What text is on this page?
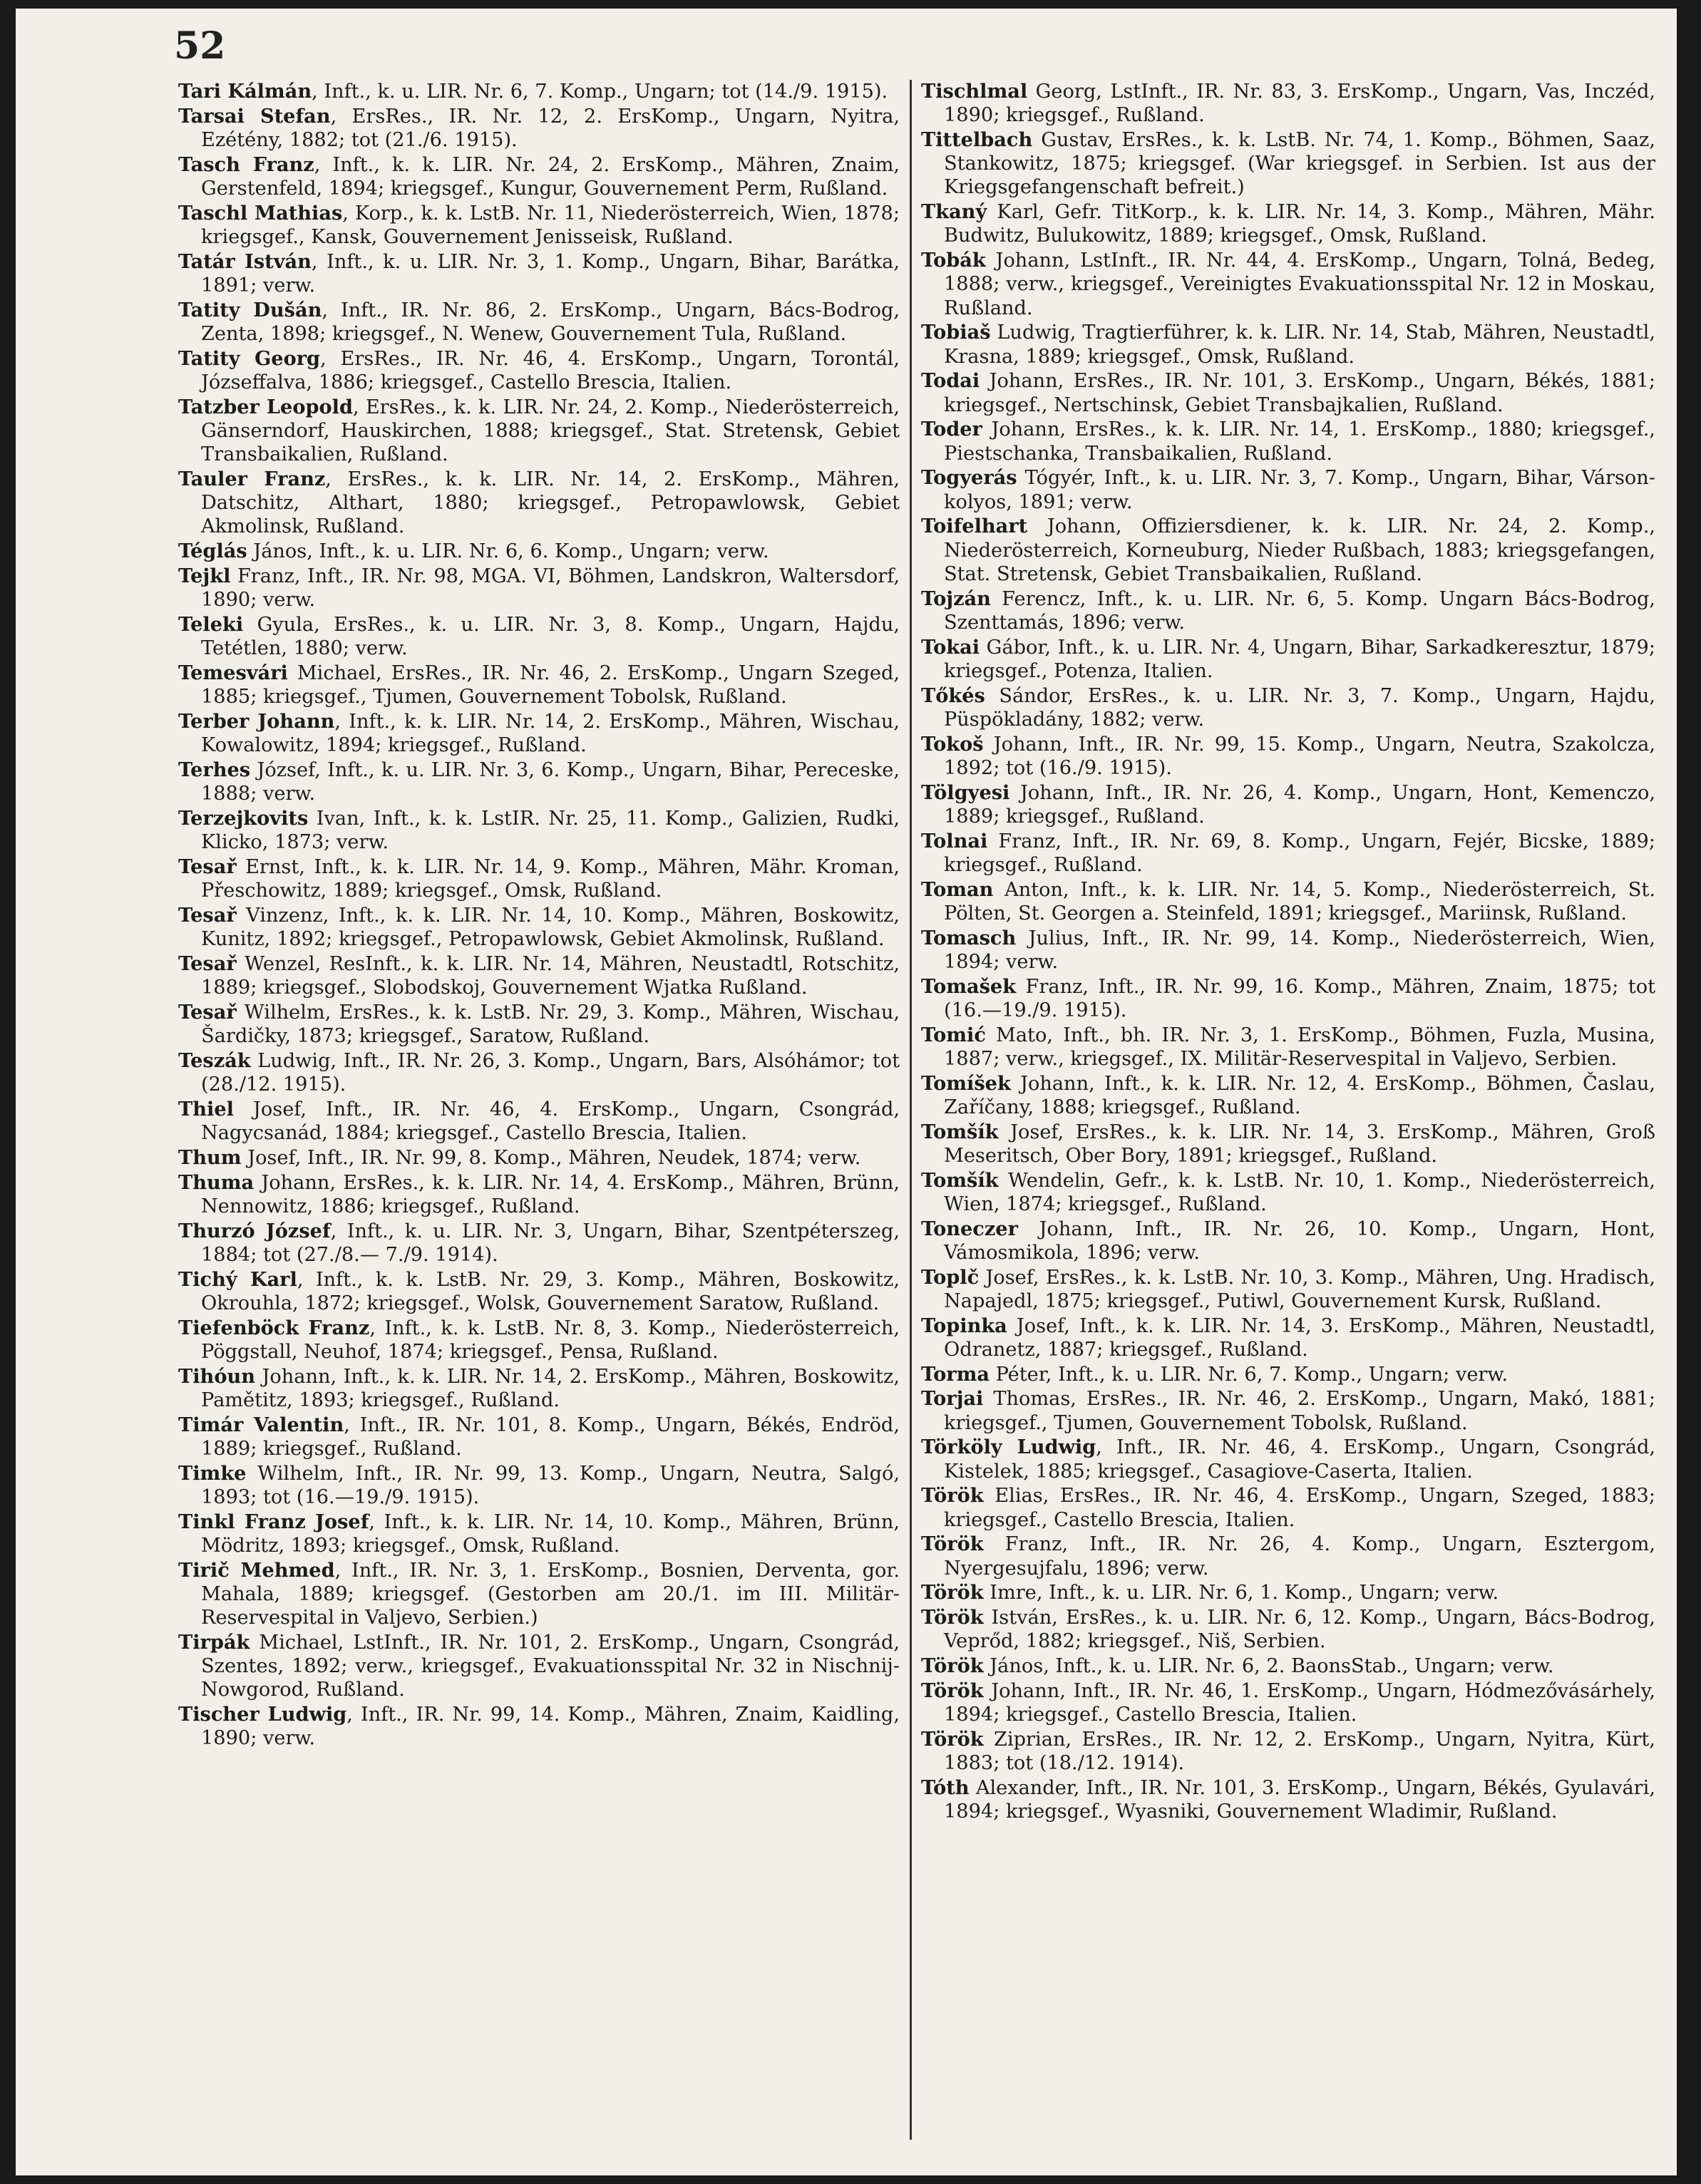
52

Tari Kálmán, Inft., k. u. LIR. Nr. 6, 7. Komp., Ungarn; tot (14./9. 1915).

Tarsai Stefan, ErsRes., IR. Nr. 12, 2. ErsKomp., Ungarn, Nyitra, Ezétény, 1882; tot (21./6. 1915).

Tasch Franz, Inft., k. k. LIR. Nr. 24, 2. ErsKomp., Mähren, Znaim, Gerstenfeld, 1894; kriegsgef., Kungur, Gouvernement Perm, Rußland.

Taschl Mathias, Korp., k. k. LstB. Nr. 11, Niederösterreich, Wien, 1878; kriegsgef., Kansk, Gouvernement Jenisseisk, Rußland.

Tatár István, Inft., k. u. LIR. Nr. 3, 1. Komp., Ungarn, Bihar, Barátka, 1891; verw.

Tatity Dušán, Inft., IR. Nr. 86, 2. ErsKomp., Ungarn, Bács-Bodrog, Zenta, 1898; kriegsgef., N. Wenew, Gouvernement Tula, Rußland.

Tatity Georg, ErsRes., IR. Nr. 46, 4. ErsKomp., Ungarn, Torontál, Józseffalva, 1886; kriegsgef., Castello Brescia, Italien.

Tatzber Leopold, ErsRes., k. k. LIR. Nr. 24, 2. Komp., Niederösterreich, Gänserndorf, Hauskirchen, 1888; kriegsgef., Stat. Stretensk, Gebiet Transbaikalien, Rußland.

Tauler Franz, ErsRes., k. k. LIR. Nr. 14, 2. ErsKomp., Mähren, Datschitz, Althart, 1880; kriegsgef., Petropawlowsk, Gebiet Akmolinsk, Rußland.

Téglás János, Inft., k. u. LIR. Nr. 6, 6. Komp., Ungarn; verw.

Tejkl Franz, Inft., IR. Nr. 98, MGA. VI, Böhmen, Landskron, Waltersdorf, 1890; verw.

Teleki Gyula, ErsRes., k. u. LIR. Nr. 3, 8. Komp., Ungarn, Hajdu, Tetétlen, 1880; verw.

Temesvári Michael, ErsRes., IR. Nr. 46, 2. ErsKomp., Ungarn Szeged, 1885; kriegsgef., Tjumen, Gouvernement Tobolsk, Rußland.

Terber Johann, Inft., k. k. LIR. Nr. 14, 2. ErsKomp., Mähren, Wischau, Kowalowitz, 1894; kriegsgef., Rußland.

Terhes József, Inft., k. u. LIR. Nr. 3, 6. Komp., Ungarn, Bihar, Pereceske, 1888; verw.

Terzejkovits Ivan, Inft., k. k. LstIR. Nr. 25, 11. Komp., Galizien, Rudki, Klicko, 1873; verw.

Tesař Ernst, Inft., k. k. LIR. Nr. 14, 9. Komp., Mähren, Mähr. Kroman, Přeschowitz, 1889; kriegsgef., Omsk, Rußland.

Tesař Vinzenz, Inft., k. k. LIR. Nr. 14, 10. Komp., Mähren, Boskowitz, Kunitz, 1892; kriegsgef., Petropawlowsk, Gebiet Akmolinsk, Rußland.

Tesař Wenzel, ResInft., k. k. LIR. Nr. 14, Mähren, Neustadtl, Rotschitz, 1889; kriegsgef., Slobodskoj, Gouvernement Wjatka Rußland.

Tesař Wilhelm, ErsRes., k. k. LstB. Nr. 29, 3. Komp., Mähren, Wischau, Šardičky, 1873; kriegsgef., Saratow, Rußland.

Teszák Ludwig, Inft., IR. Nr. 26, 3. Komp., Ungarn, Bars, Alsóhámor; tot (28./12. 1915).

Thiel Josef, Inft., IR. Nr. 46, 4. ErsKomp., Ungarn, Csongrád, Nagycsanád, 1884; kriegsgef., Castello Brescia, Italien.

Thum Josef, Inft., IR. Nr. 99, 8. Komp., Mähren, Neudek, 1874; verw.

Thuma Johann, ErsRes., k. k. LIR. Nr. 14, 4. ErsKomp., Mähren, Brünn, Nennowitz, 1886; kriegsgef., Rußland.

Thurzó József, Inft., k. u. LIR. Nr. 3, Ungarn, Bihar, Szentpéterszeg, 1884; tot (27./8.— 7./9. 1914).

Tichý Karl, Inft., k. k. LstB. Nr. 29, 3. Komp., Mähren, Boskowitz, Okrouhla, 1872; kriegsgef., Wolsk, Gouvernement Saratow, Rußland.

Tiefenböck Franz, Inft., k. k. LstB. Nr. 8, 3. Komp., Niederösterreich, Pöggstall, Neuhof, 1874; kriegsgef., Pensa, Rußland.

Tihóun Johann, Inft., k. k. LIR. Nr. 14, 2. ErsKomp., Mähren, Boskowitz, Pamětitz, 1893; kriegsgef., Rußland.

Timár Valentin, Inft., IR. Nr. 101, 8. Komp., Ungarn, Békés, Endröd, 1889; kriegsgef., Rußland.

Timke Wilhelm, Inft., IR. Nr. 99, 13. Komp., Ungarn, Neutra, Salgó, 1893; tot (16.—19./9. 1915).

Tinkl Franz Josef, Inft., k. k. LIR. Nr. 14, 10. Komp., Mähren, Brünn, Mödritz, 1893; kriegsgef., Omsk, Rußland.

Tirič Mehmed, Inft., IR. Nr. 3, 1. ErsKomp., Bosnien, Derventa, gor. Mahala, 1889; kriegsgef. (Gestorben am 20./1. im III. Militär-Reservespital in Valjevo, Serbien.)

Tirpák Michael, LstInft., IR. Nr. 101, 2. ErsKomp., Ungarn, Csongrád, Szentes, 1892; verw., kriegsgef., Evakuationsspital Nr. 32 in Nischnij-Nowgorod, Rußland.

Tischer Ludwig, Inft., IR. Nr. 99, 14. Komp., Mähren, Znaim, Kaidling, 1890; verw.

Tischlmal Georg, LstInft., IR. Nr. 83, 3. ErsKomp., Ungarn, Vas, Inczéd, 1890; kriegsgef., Rußland.

Tittelbach Gustav, ErsRes., k. k. LstB. Nr. 74, 1. Komp., Böhmen, Saaz, Stankowitz, 1875; kriegsgef. (War kriegsgef. in Serbien. Ist aus der Kriegsgefangenschaft befreit.)

Tkaný Karl, Gefr. TitKorp., k. k. LIR. Nr. 14, 3. Komp., Mähren, Mähr. Budwitz, Bulukowitz, 1889; kriegsgef., Omsk, Rußland.

Tobák Johann, LstInft., IR. Nr. 44, 4. ErsKomp., Ungarn, Tolná, Bedeg, 1888; verw., kriegsgef., Vereinigtes Evakuationsspital Nr. 12 in Moskau, Rußland.

Tobiaš Ludwig, Tragtierführer, k. k. LIR. Nr. 14, Stab, Mähren, Neustadtl, Krasna, 1889; kriegsgef., Omsk, Rußland.

Todai Johann, ErsRes., IR. Nr. 101, 3. ErsKomp., Ungarn, Békés, 1881; kriegsgef., Nertschinsk, Gebiet Transbajkalien, Rußland.

Toder Johann, ErsRes., k. k. LIR. Nr. 14, 1. ErsKomp., 1880; kriegsgef., Piestschanka, Transbaikalien, Rußland.

Togyerás Tógyér, Inft., k. u. LIR. Nr. 3, 7. Komp., Ungarn, Bihar, Vársonkolyos, 1891; verw.

Toifelhart Johann, Offiziersdiener, k. k. LIR. Nr. 24, 2. Komp., Niederösterreich, Korneuburg, Nieder Rußbach, 1883; kriegsgefangen, Stat. Stretensk, Gebiet Transbaikalien, Rußland.

Tojzán Ferencz, Inft., k. u. LIR. Nr. 6, 5. Komp. Ungarn Bács-Bodrog, Szenttamás, 1896; verw.

Tokai Gábor, Inft., k. u. LIR. Nr. 4, Ungarn, Bihar, Sarkadkeresztur, 1879; kriegsgef., Potenza, Italien.

Tőkés Sándor, ErsRes., k. u. LIR. Nr. 3, 7. Komp., Ungarn, Hajdu, Püspökladány, 1882; verw.

Tokoš Johann, Inft., IR. Nr. 99, 15. Komp., Ungarn, Neutra, Szakolcza, 1892; tot (16./9. 1915).

Tölgyesi Johann, Inft., IR. Nr. 26, 4. Komp., Ungarn, Hont, Kemenczo, 1889; kriegsgef., Rußland.

Tolnai Franz, Inft., IR. Nr. 69, 8. Komp., Ungarn, Fejér, Bicske, 1889; kriegsgef., Rußland.

Toman Anton, Inft., k. k. LIR. Nr. 14, 5. Komp., Niederösterreich, St. Pölten, St. Georgen a. Steinfeld, 1891; kriegsgef., Mariinsk, Rußland.

Tomasch Julius, Inft., IR. Nr. 99, 14. Komp., Niederösterreich, Wien, 1894; verw.

Tomašek Franz, Inft., IR. Nr. 99, 16. Komp., Mähren, Znaim, 1875; tot (16.—19./9. 1915).

Tomić Mato, Inft., bh. IR. Nr. 3, 1. ErsKomp., Böhmen, Fuzla, Musina, 1887; verw., kriegsgef., IX. Militär-Reservespital in Valjevo, Serbien.

Tomíšek Johann, Inft., k. k. LIR. Nr. 12, 4. ErsKomp., Böhmen, Časlau, Zaříčany, 1888; kriegsgef., Rußland.

Tomšík Josef, ErsRes., k. k. LIR. Nr. 14, 3. ErsKomp., Mähren, Groß Meseritsch, Ober Bory, 1891; kriegsgef., Rußland.

Tomšík Wendelin, Gefr., k. k. LstB. Nr. 10, 1. Komp., Niederösterreich, Wien, 1874; kriegsgef., Rußland.

Toneczer Johann, Inft., IR. Nr. 26, 10. Komp., Ungarn, Hont, Vámosmikola, 1896; verw.

Toplč Josef, ErsRes., k. k. LstB. Nr. 10, 3. Komp., Mähren, Ung. Hradisch, Napajedl, 1875; kriegsgef., Putiwl, Gouvernement Kursk, Rußland.

Topinka Josef, Inft., k. k. LIR. Nr. 14, 3. ErsKomp., Mähren, Neustadtl, Odranetz, 1887; kriegsgef., Rußland.

Torma Péter, Inft., k. u. LIR. Nr. 6, 7. Komp., Ungarn; verw.

Torjai Thomas, ErsRes., IR. Nr. 46, 2. ErsKomp., Ungarn, Makó, 1881; kriegsgef., Tjumen, Gouvernement Tobolsk, Rußland.

Törköly Ludwig, Inft., IR. Nr. 46, 4. ErsKomp., Ungarn, Csongrád, Kistelek, 1885; kriegsgef., Casagiove-Caserta, Italien.

Török Elias, ErsRes., IR. Nr. 46, 4. ErsKomp., Ungarn, Szeged, 1883; kriegsgef., Castello Brescia, Italien.

Török Franz, Inft., IR. Nr. 26, 4. Komp., Ungarn, Esztergom, Nyergesujfalu, 1896; verw.

Török Imre, Inft., k. u. LIR. Nr. 6, 1. Komp., Ungarn; verw.

Török István, ErsRes., k. u. LIR. Nr. 6, 12. Komp., Ungarn, Bács-Bodrog, Veprőd, 1882; kriegsgef., Niš, Serbien.

Török János, Inft., k. u. LIR. Nr. 6, 2. BaonsStab., Ungarn; verw.

Török Johann, Inft., IR. Nr. 46, 1. ErsKomp., Ungarn, Hódmezővásárhely, 1894; kriegsgef., Castello Brescia, Italien.

Török Ziprian, ErsRes., IR. Nr. 12, 2. ErsKomp., Ungarn, Nyitra, Kürt, 1883; tot (18./12. 1914).

Tóth Alexander, Inft., IR. Nr. 101, 3. ErsKomp., Ungarn, Békés, Gyulavári, 1894; kriegsgef., Wyasniki, Gouvernement Wladimir, Rußland.
